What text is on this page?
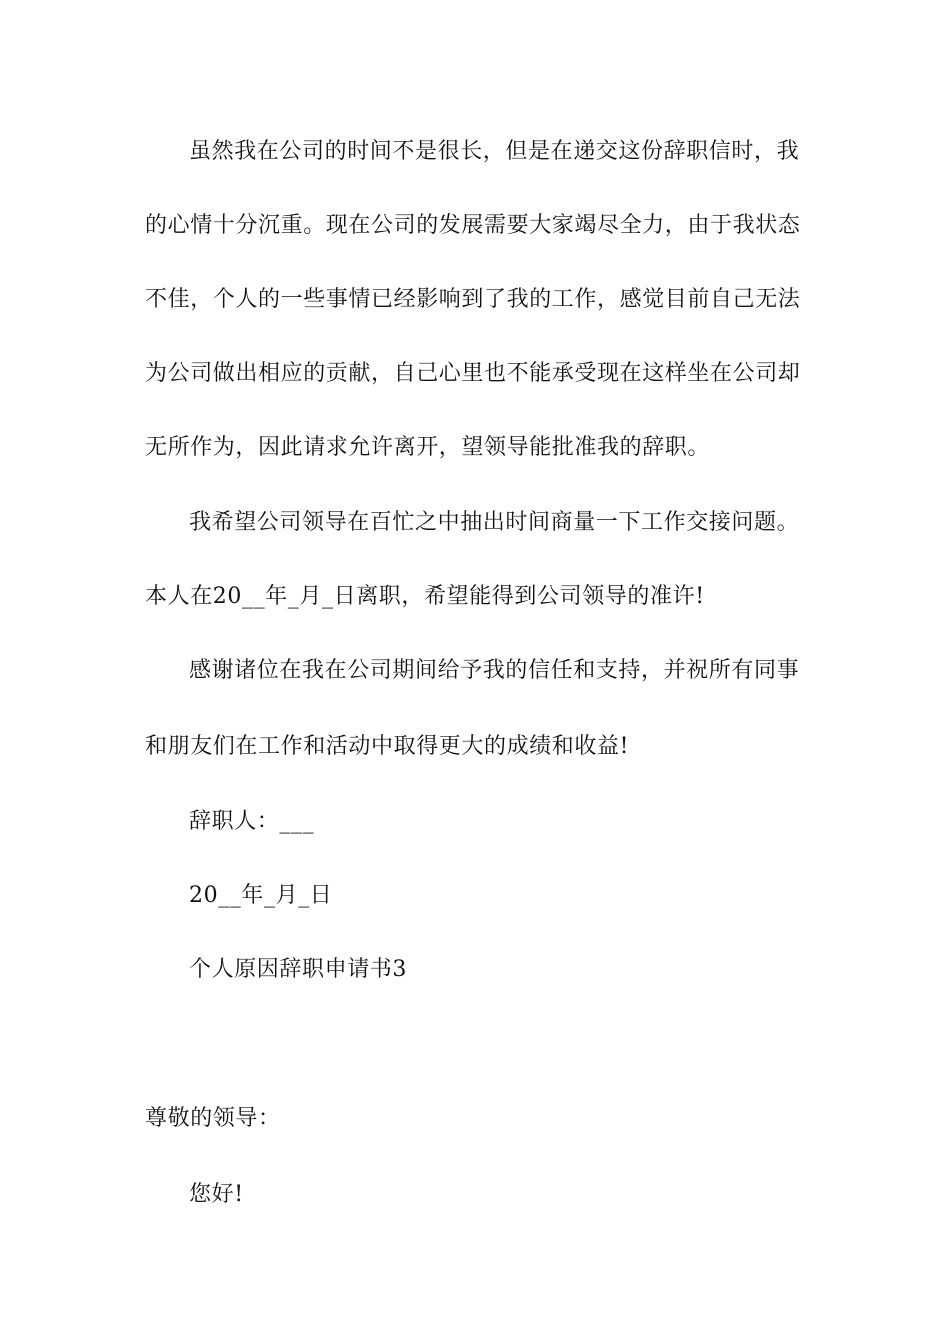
虽然我在公司的时间不是很长，但是在递交这份辞职信时，我
的心情十分沉重。现在公司的发展需要大家竭尽全力，由于我状态
不佳，个人的一些事情已经影响到了我的工作，感觉目前自己无法
为公司做出相应的贡献，自己心里也不能承受现在这样坐在公司却
无所作为，因此请求允许离开，望领导能批准我的辞职。
我希望公司领导在百忙之中抽出时间商量一下工作交接问题。
本人在20__年_月_日离职，希望能得到公司领导的准许!
感谢诸位在我在公司期间给予我的信任和支持，并祝所有同事
和朋友们在工作和活动中取得更大的成绩和收益!
辞职人：___
20__年_月_日
个人原因辞职申请书3
尊敬的领导：
您好!
